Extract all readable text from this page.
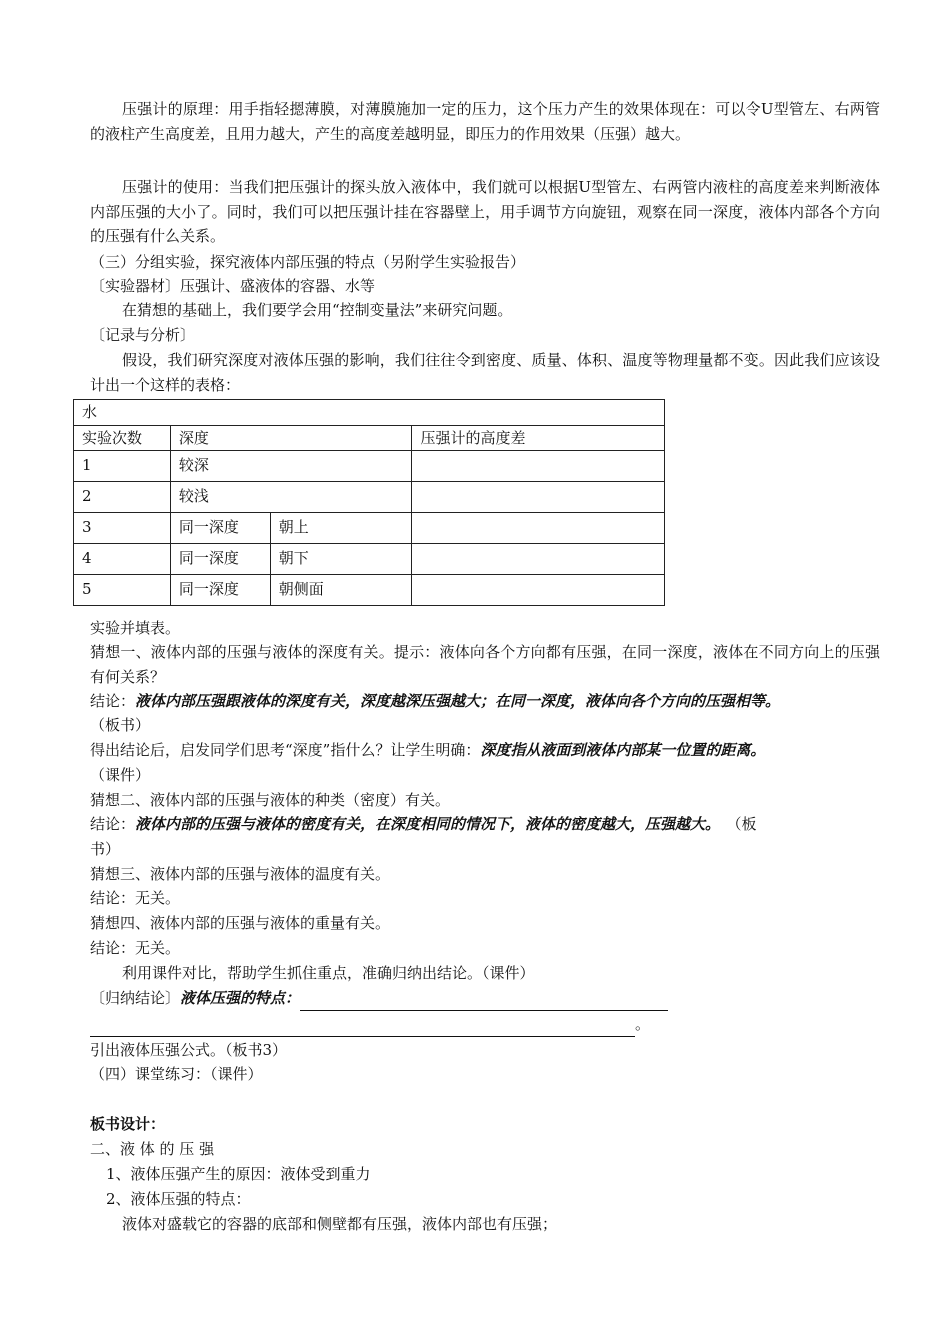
压强计的原理：用手指轻摁薄膜，对薄膜施加一定的压力，这个压力产生的效果体现在：可以令U型管左、右两管的液柱产生高度差，且用力越大，产生的高度差越明显，即压力的作用效果（压强）越大。
压强计的使用：当我们把压强计的探头放入液体中，我们就可以根据U型管左、右两管内液柱的高度差来判断液体内部压强的大小了。同时，我们可以把压强计挂在容器壁上，用手调节方向旋钮，观察在同一深度，液体内部各个方向的压强有什么关系。
（三）分组实验，探究液体内部压强的特点（另附学生实验报告）
〔实验器材〕压强计、盛液体的容器、水等
在猜想的基础上，我们要学会用“控制变量法”来研究问题。
〔记录与分析〕
假设，我们研究深度对液体压强的影响，我们往往令到密度、质量、体积、温度等物理量都不变。因此我们应该设计出一个这样的表格：
水			
实验次数	深度		压强计的高度差
1	较深		
2	较浅		
3	同一深度	朝上	
4	同一深度	朝下	
5	同一深度	朝侧面	
实验并填表。
猜想一、液体内部的压强与液体的深度有关。提示：液体向各个方向都有压强，在同一深度，液体在不同方向上的压强有何关系？
结论：液体内部压强跟液体的深度有关，深度越深压强越大；在同一深度，液体向各个方向的压强相等。
（板书）
得出结论后，启发同学们思考“深度”指什么？让学生明确：深度指从液面到液体内部某一位置的距离。
（课件）
猜想二、液体内部的压强与液体的种类（密度）有关。
结论：液体内部的压强与液体的密度有关，在深度相同的情况下，液体的密度越大，压强越大。 （板
书）
猜想三、液体内部的压强与液体的温度有关。
结论：无关。
猜想四、液体内部的压强与液体的重量有关。
结论：无关。
利用课件对比，帮助学生抓住重点，准确归纳出结论。（课件）
〔归纳结论〕液体压强的特点：
。
引出液体压强公式。（板书3）
（四）课堂练习：（课件）
板书设计：
二、液 体 的 压 强
1、液体压强产生的原因：液体受到重力
2、液体压强的特点：
液体对盛载它的容器的底部和侧壁都有压强，液体内部也有压强；
